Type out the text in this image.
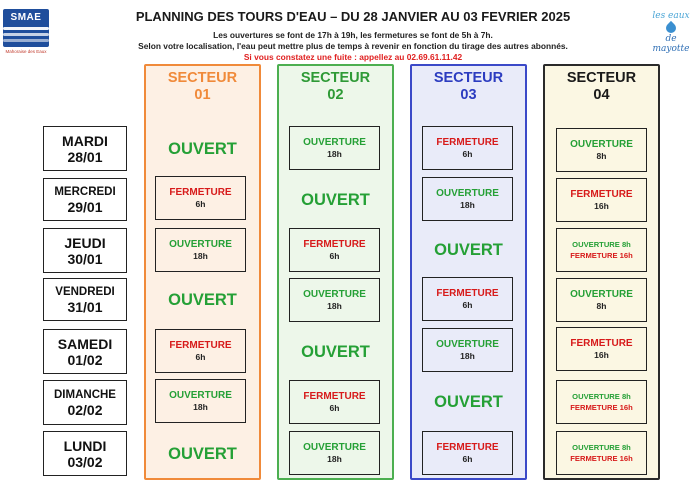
SMAE
Mahoraise des Eaux
les eaux
de mayotte
PLANNING DES TOURS D'EAU – DU 28 JANVIER AU 03 FEVRIER 2025
Les ouvertures se font de 17h à 19h, les fermetures se font de 5h à 7h.
Selon votre localisation, l'eau peut mettre plus de temps à revenir en fonction du tirage des autres abonnés.
Si vous constatez une fuite : appellez au 02.69.61.11.42
SECTEUR
01
SECTEUR
02
SECTEUR
03
SECTEUR
04
MARDI
28/01
MERCREDI
29/01
JEUDI
30/01
VENDREDI
31/01
SAMEDI
01/02
DIMANCHE
02/02
LUNDI
03/02
OUVERT
FERMETURE
6h
OUVERTURE
18h
OUVERT
FERMETURE
6h
OUVERTURE
18h
OUVERT
OUVERTURE
18h
OUVERT
FERMETURE
6h
OUVERTURE
18h
OUVERT
FERMETURE
6h
OUVERTURE
18h
FERMETURE
6h
OUVERTURE
18h
OUVERT
FERMETURE
6h
OUVERTURE
18h
OUVERT
FERMETURE
6h
OUVERTURE
8h
FERMETURE
16h
OUVERTURE 8h
FERMETURE 16h
OUVERTURE
8h
FERMETURE
16h
OUVERTURE 8h
FERMETURE 16h
OUVERTURE 8h
FERMETURE 16h
